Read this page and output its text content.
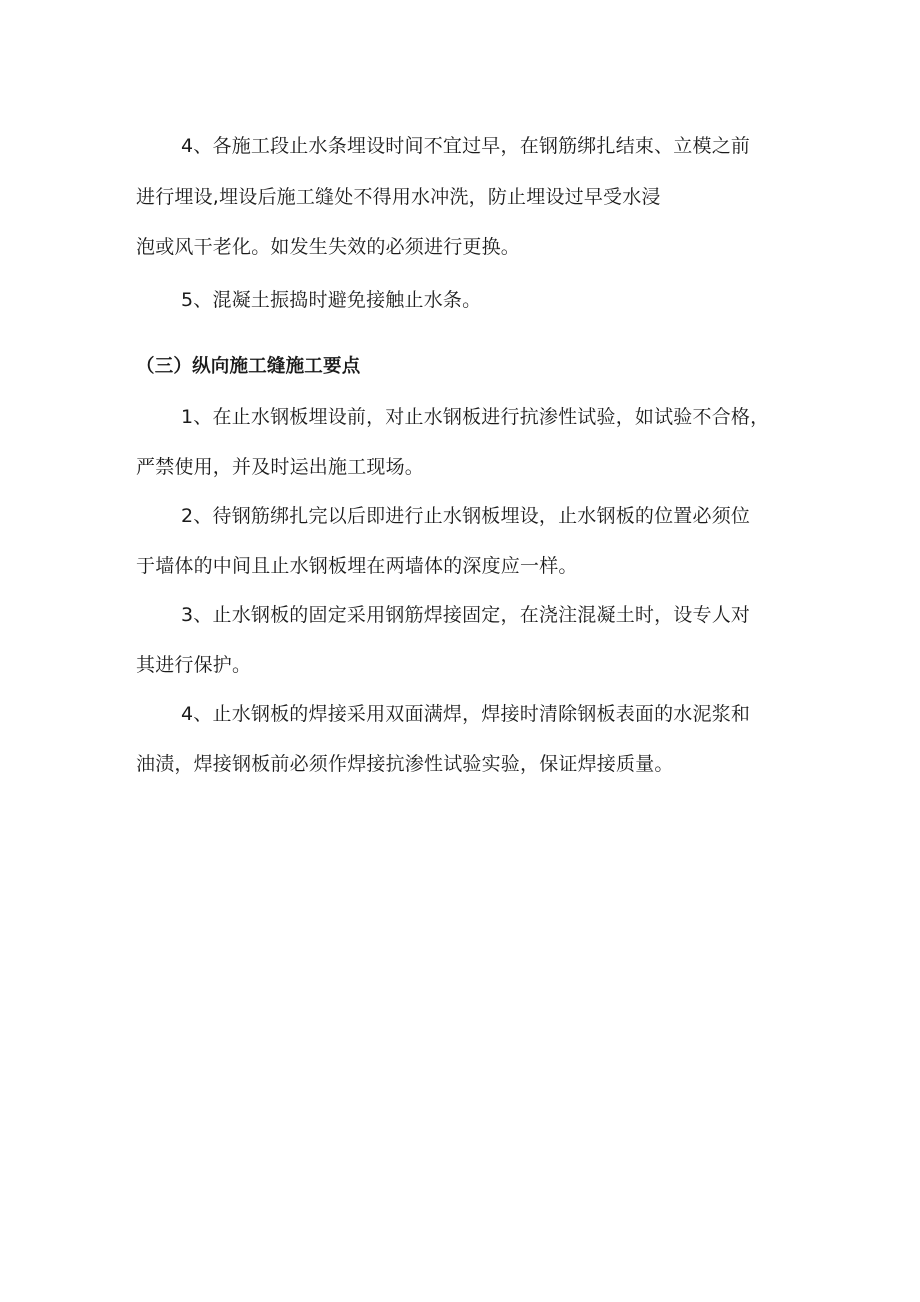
4、各施工段止水条埋设时间不宜过早，在钢筋绑扎结束、立模之前
进行埋设,埋设后施工缝处不得用水冲洗，防止埋设过早受水浸
泡或风干老化。如发生失效的必须进行更换。
5、混凝土振捣时避免接触止水条。
（三）纵向施工缝施工要点
1、在止水钢板埋设前，对止水钢板进行抗渗性试验，如试验不合格，
严禁使用，并及时运出施工现场。
2、待钢筋绑扎完以后即进行止水钢板埋设，止水钢板的位置必须位
于墙体的中间且止水钢板埋在两墙体的深度应一样。
3、止水钢板的固定采用钢筋焊接固定，在浇注混凝土时，设专人对
其进行保护。
4、止水钢板的焊接采用双面满焊，焊接时清除钢板表面的水泥浆和
油渍，焊接钢板前必须作焊接抗渗性试验实验，保证焊接质量。
